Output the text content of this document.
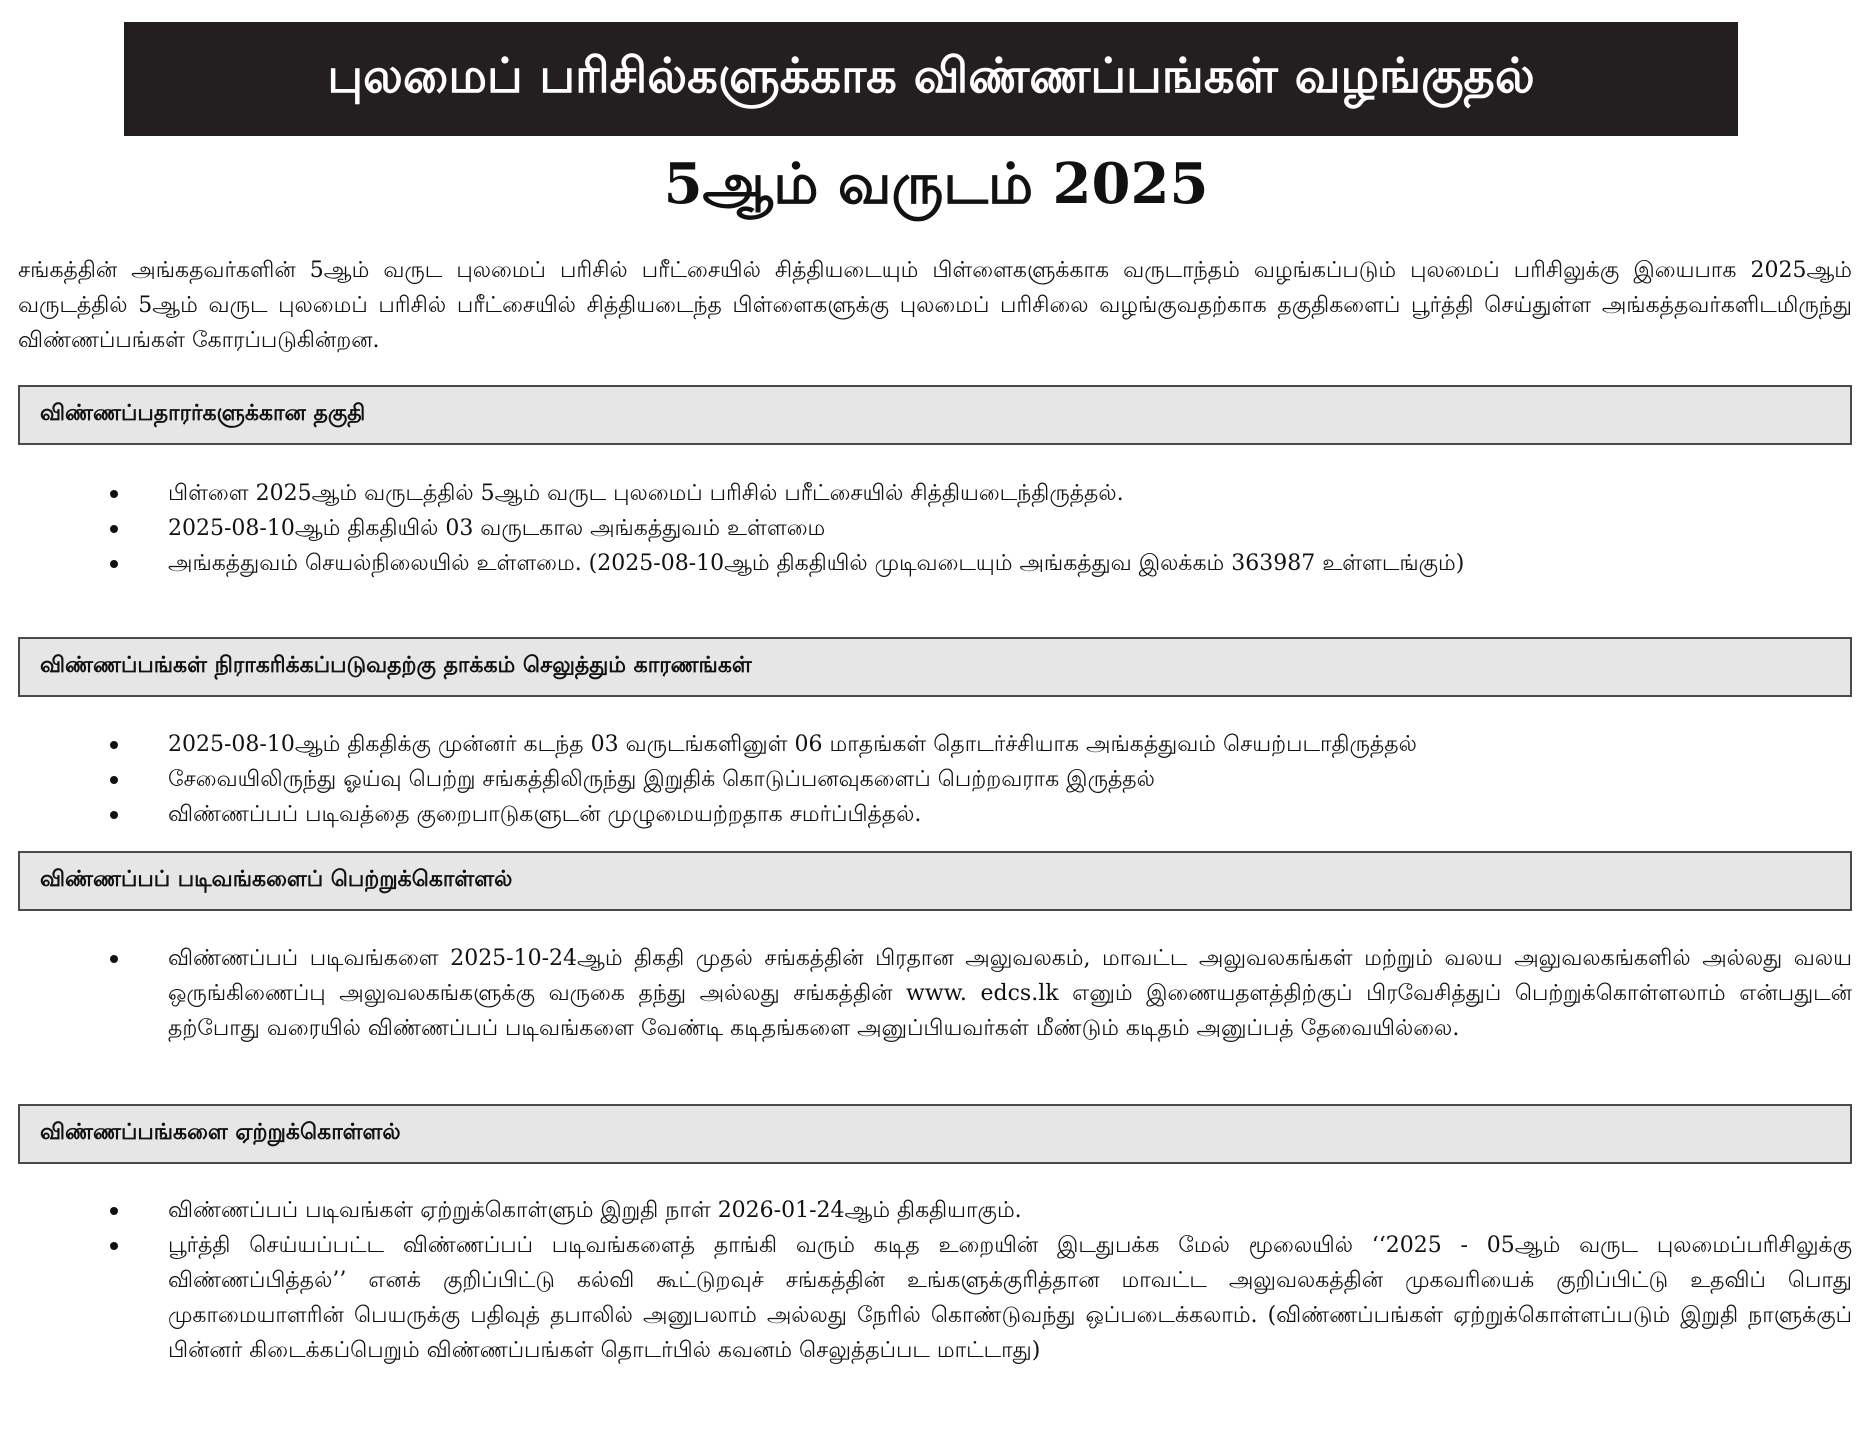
புலமைப் பரிசில்களுக்காக விண்ணப்பங்கள் வழங்குதல்
5ஆம் வருடம் 2025
சங்கத்தின் அங்கதவர்களின் 5ஆம் வருட புலமைப் பரிசில் பரீட்சையில் சித்தியடையும் பிள்ளைகளுக்காக வருடாந்தம் வழங்கப்படும் புலமைப் பரிசிலுக்கு இயைபாக 2025ஆம் வருடத்தில் 5ஆம் வருட புலமைப் பரிசில் பரீட்சையில் சித்தியடைந்த பிள்ளைகளுக்கு புலமைப் பரிசிலை வழங்குவதற்காக தகுதிகளைப் பூர்த்தி செய்துள்ள அங்கத்தவர்களிடமிருந்து விண்ணப்பங்கள் கோரப்படுகின்றன.
விண்ணப்பதாரர்களுக்கான தகுதி
பிள்ளை 2025ஆம் வருடத்தில் 5ஆம் வருட புலமைப் பரிசில் பரீட்சையில் சித்தியடைந்திருத்தல்.
2025-08-10ஆம் திகதியில் 03 வருடகால அங்கத்துவம் உள்ளமை
அங்கத்துவம் செயல்நிலையில் உள்ளமை. (2025-08-10ஆம் திகதியில் முடிவடையும் அங்கத்துவ இலக்கம் 363987 உள்ளடங்கும்)
விண்ணப்பங்கள் நிராகரிக்கப்படுவதற்கு தாக்கம் செலுத்தும் காரணங்கள்
2025-08-10ஆம் திகதிக்கு முன்னர் கடந்த 03 வருடங்களினுள் 06 மாதங்கள் தொடர்ச்சியாக அங்கத்துவம் செயற்படாதிருத்தல்
சேவையிலிருந்து ஓய்வு பெற்று சங்கத்திலிருந்து இறுதிக் கொடுப்பனவுகளைப் பெற்றவராக இருத்தல்
விண்ணப்பப் படிவத்தை குறைபாடுகளுடன் முழுமையற்றதாக சமர்ப்பித்தல்.
விண்ணப்பப் படிவங்களைப் பெற்றுக்கொள்ளல்
விண்ணப்பப் படிவங்களை 2025-10-24ஆம் திகதி முதல் சங்கத்தின் பிரதான அலுவலகம், மாவட்ட அலுவலகங்கள் மற்றும் வலய அலுவலகங்களில் அல்லது வலய ஒருங்கிணைப்பு அலுவலகங்களுக்கு வருகை தந்து அல்லது சங்கத்தின் www. edcs.lk எனும் இணையதளத்திற்குப் பிரவேசித்துப் பெற்றுக்கொள்ளலாம் என்பதுடன் தற்போது வரையில் விண்ணப்பப் படிவங்களை வேண்டி கடிதங்களை அனுப்பியவர்கள் மீண்டும் கடிதம் அனுப்பத் தேவையில்லை.
விண்ணப்பங்களை ஏற்றுக்கொள்ளல்
விண்ணப்பப் படிவங்கள் ஏற்றுக்கொள்ளும் இறுதி நாள் 2026-01-24ஆம் திகதியாகும்.
பூர்த்தி செய்யப்பட்ட விண்ணப்பப் படிவங்களைத் தாங்கி வரும் கடித உறையின் இடதுபக்க மேல் மூலையில் ‘‘2025 - 05ஆம் வருட புலமைப்பரிசிலுக்கு விண்ணப்பித்தல்’’ எனக் குறிப்பிட்டு கல்வி கூட்டுறவுச் சங்கத்தின் உங்களுக்குரித்தான மாவட்ட அலுவலகத்தின் முகவரியைக் குறிப்பிட்டு உதவிப் பொது முகாமையாளரின் பெயருக்கு பதிவுத் தபாலில் அனுபலாம் அல்லது நேரில் கொண்டுவந்து ஒப்படைக்கலாம். (விண்ணப்பங்கள் ஏற்றுக்கொள்ளப்படும் இறுதி நாளுக்குப் பின்னர் கிடைக்கப்பெறும் விண்ணப்பங்கள் தொடர்பில் கவனம் செலுத்தப்பட மாட்டாது)
